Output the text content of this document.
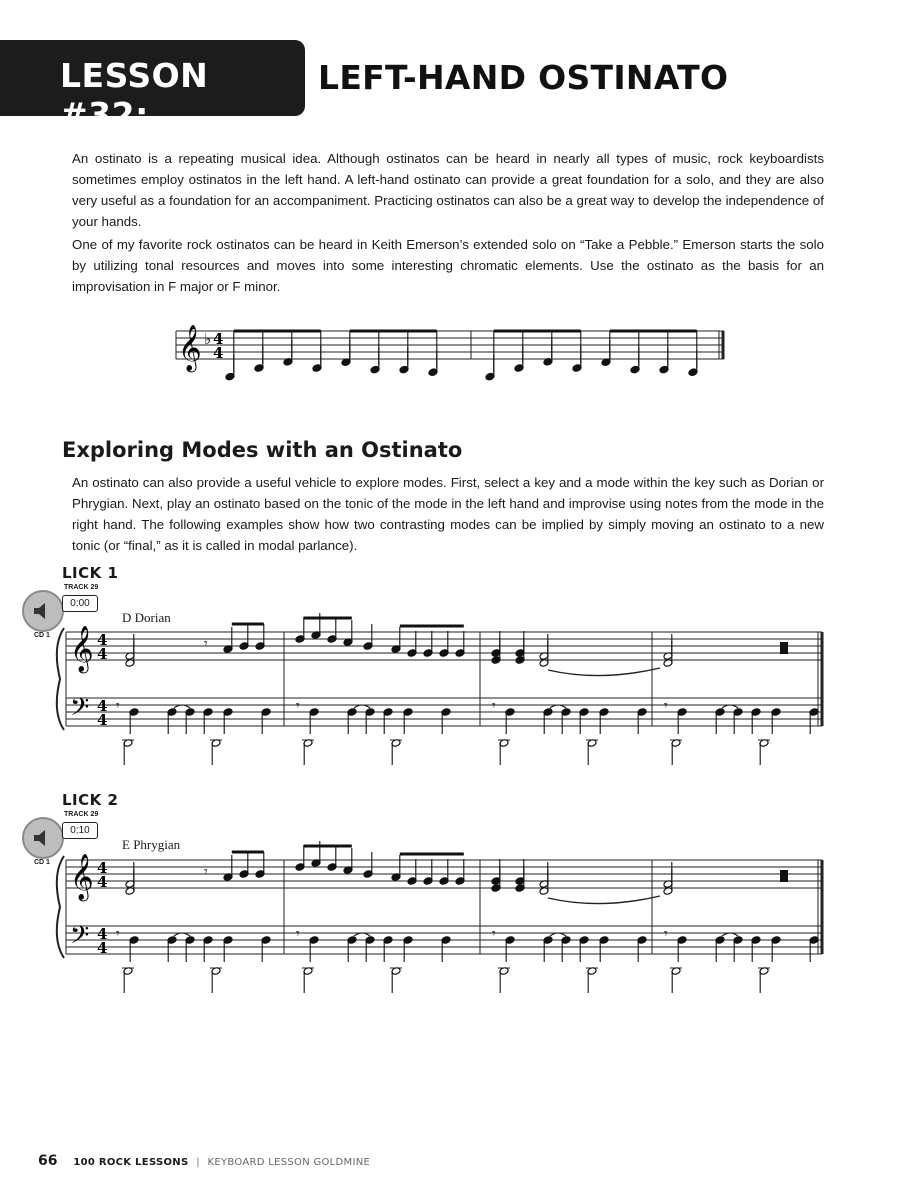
LESSON #32:
LEFT-HAND OSTINATO

An ostinato is a repeating musical idea. Although ostinatos can be heard in nearly all types of music, rock keyboardists sometimes employ ostinatos in the left hand. A left-hand ostinato can provide a great foundation for a solo, and they are also very useful as a foundation for an accompaniment. Practicing ostinatos can also be a great way to develop the independence of your hands.

One of my favorite rock ostinatos can be heard in Keith Emerson’s extended solo on “Take a Pebble.” Emerson starts the solo by utilizing tonal resources and moves into some interesting chromatic elements. Use the ostinato as the basis for an improvisation in F major or F minor.

Exploring Modes with an Ostinato

An ostinato can also provide a useful vehicle to explore modes. First, select a key and a mode within the key such as Dorian or Phrygian. Next, play an ostinato based on the tonic of the mode in the left hand and improvise using notes from the mode in the right hand. The following examples show how two contrasting modes can be implied by simply moving an ostinato to a new tonic (or “final,” as it is called in modal parlance).

LICK 1
TRACK 29
0:00
CD 1
D Dorian
LICK 2
TRACK 29
0:10
CD 1
E Phrygian
𝄞 ♭ 4
4
𝄞
𝄢
4
4
4
4
𝄾
𝄾	𝄾	𝄾	𝄾
𝄞
𝄢
4
4
4
4
𝄾
𝄾	𝄾	𝄾	𝄾
66 100 ROCK LESSONS | KEYBOARD LESSON GOLDMINE
